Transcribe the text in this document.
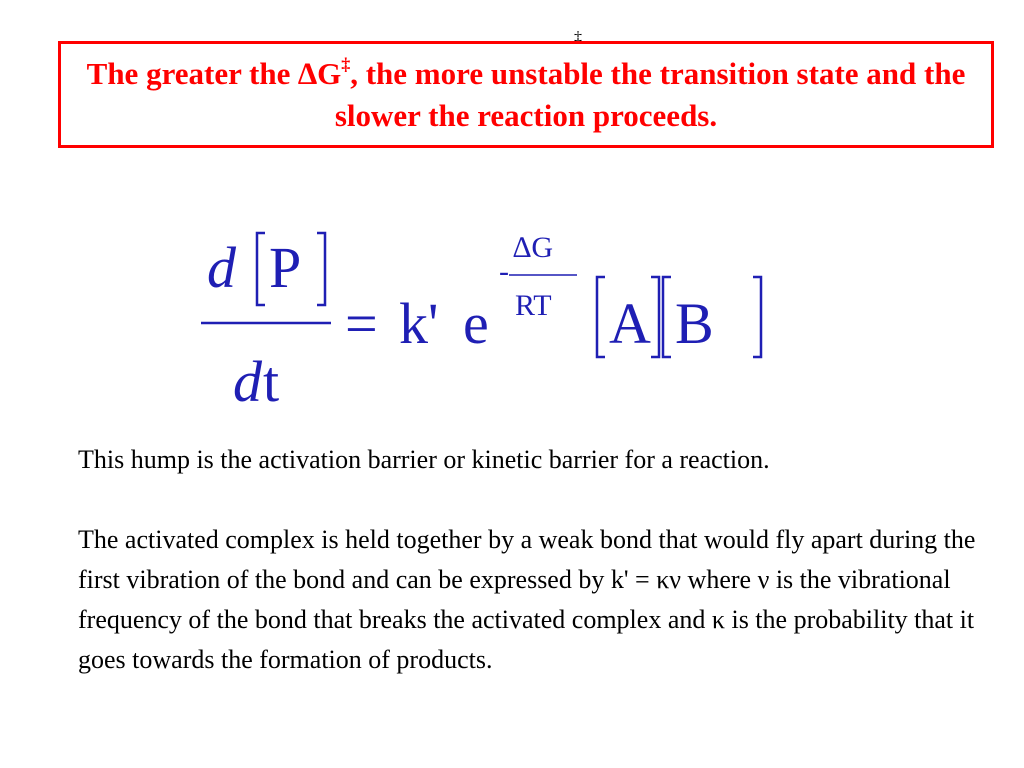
‡

The greater the ∆G‡, the more unstable the transition state and the slower the reaction proceeds.

d P
d t
= k' e
-
∆G
RT A B

This hump is the activation barrier or kinetic barrier for a reaction.

The activated complex is held together by a weak bond that would fly apart during the first vibration of the bond and can be expressed by k' = κν where ν is the vibrational frequency of the bond that breaks the activated complex and κ is the probability that it goes towards the formation of products.
